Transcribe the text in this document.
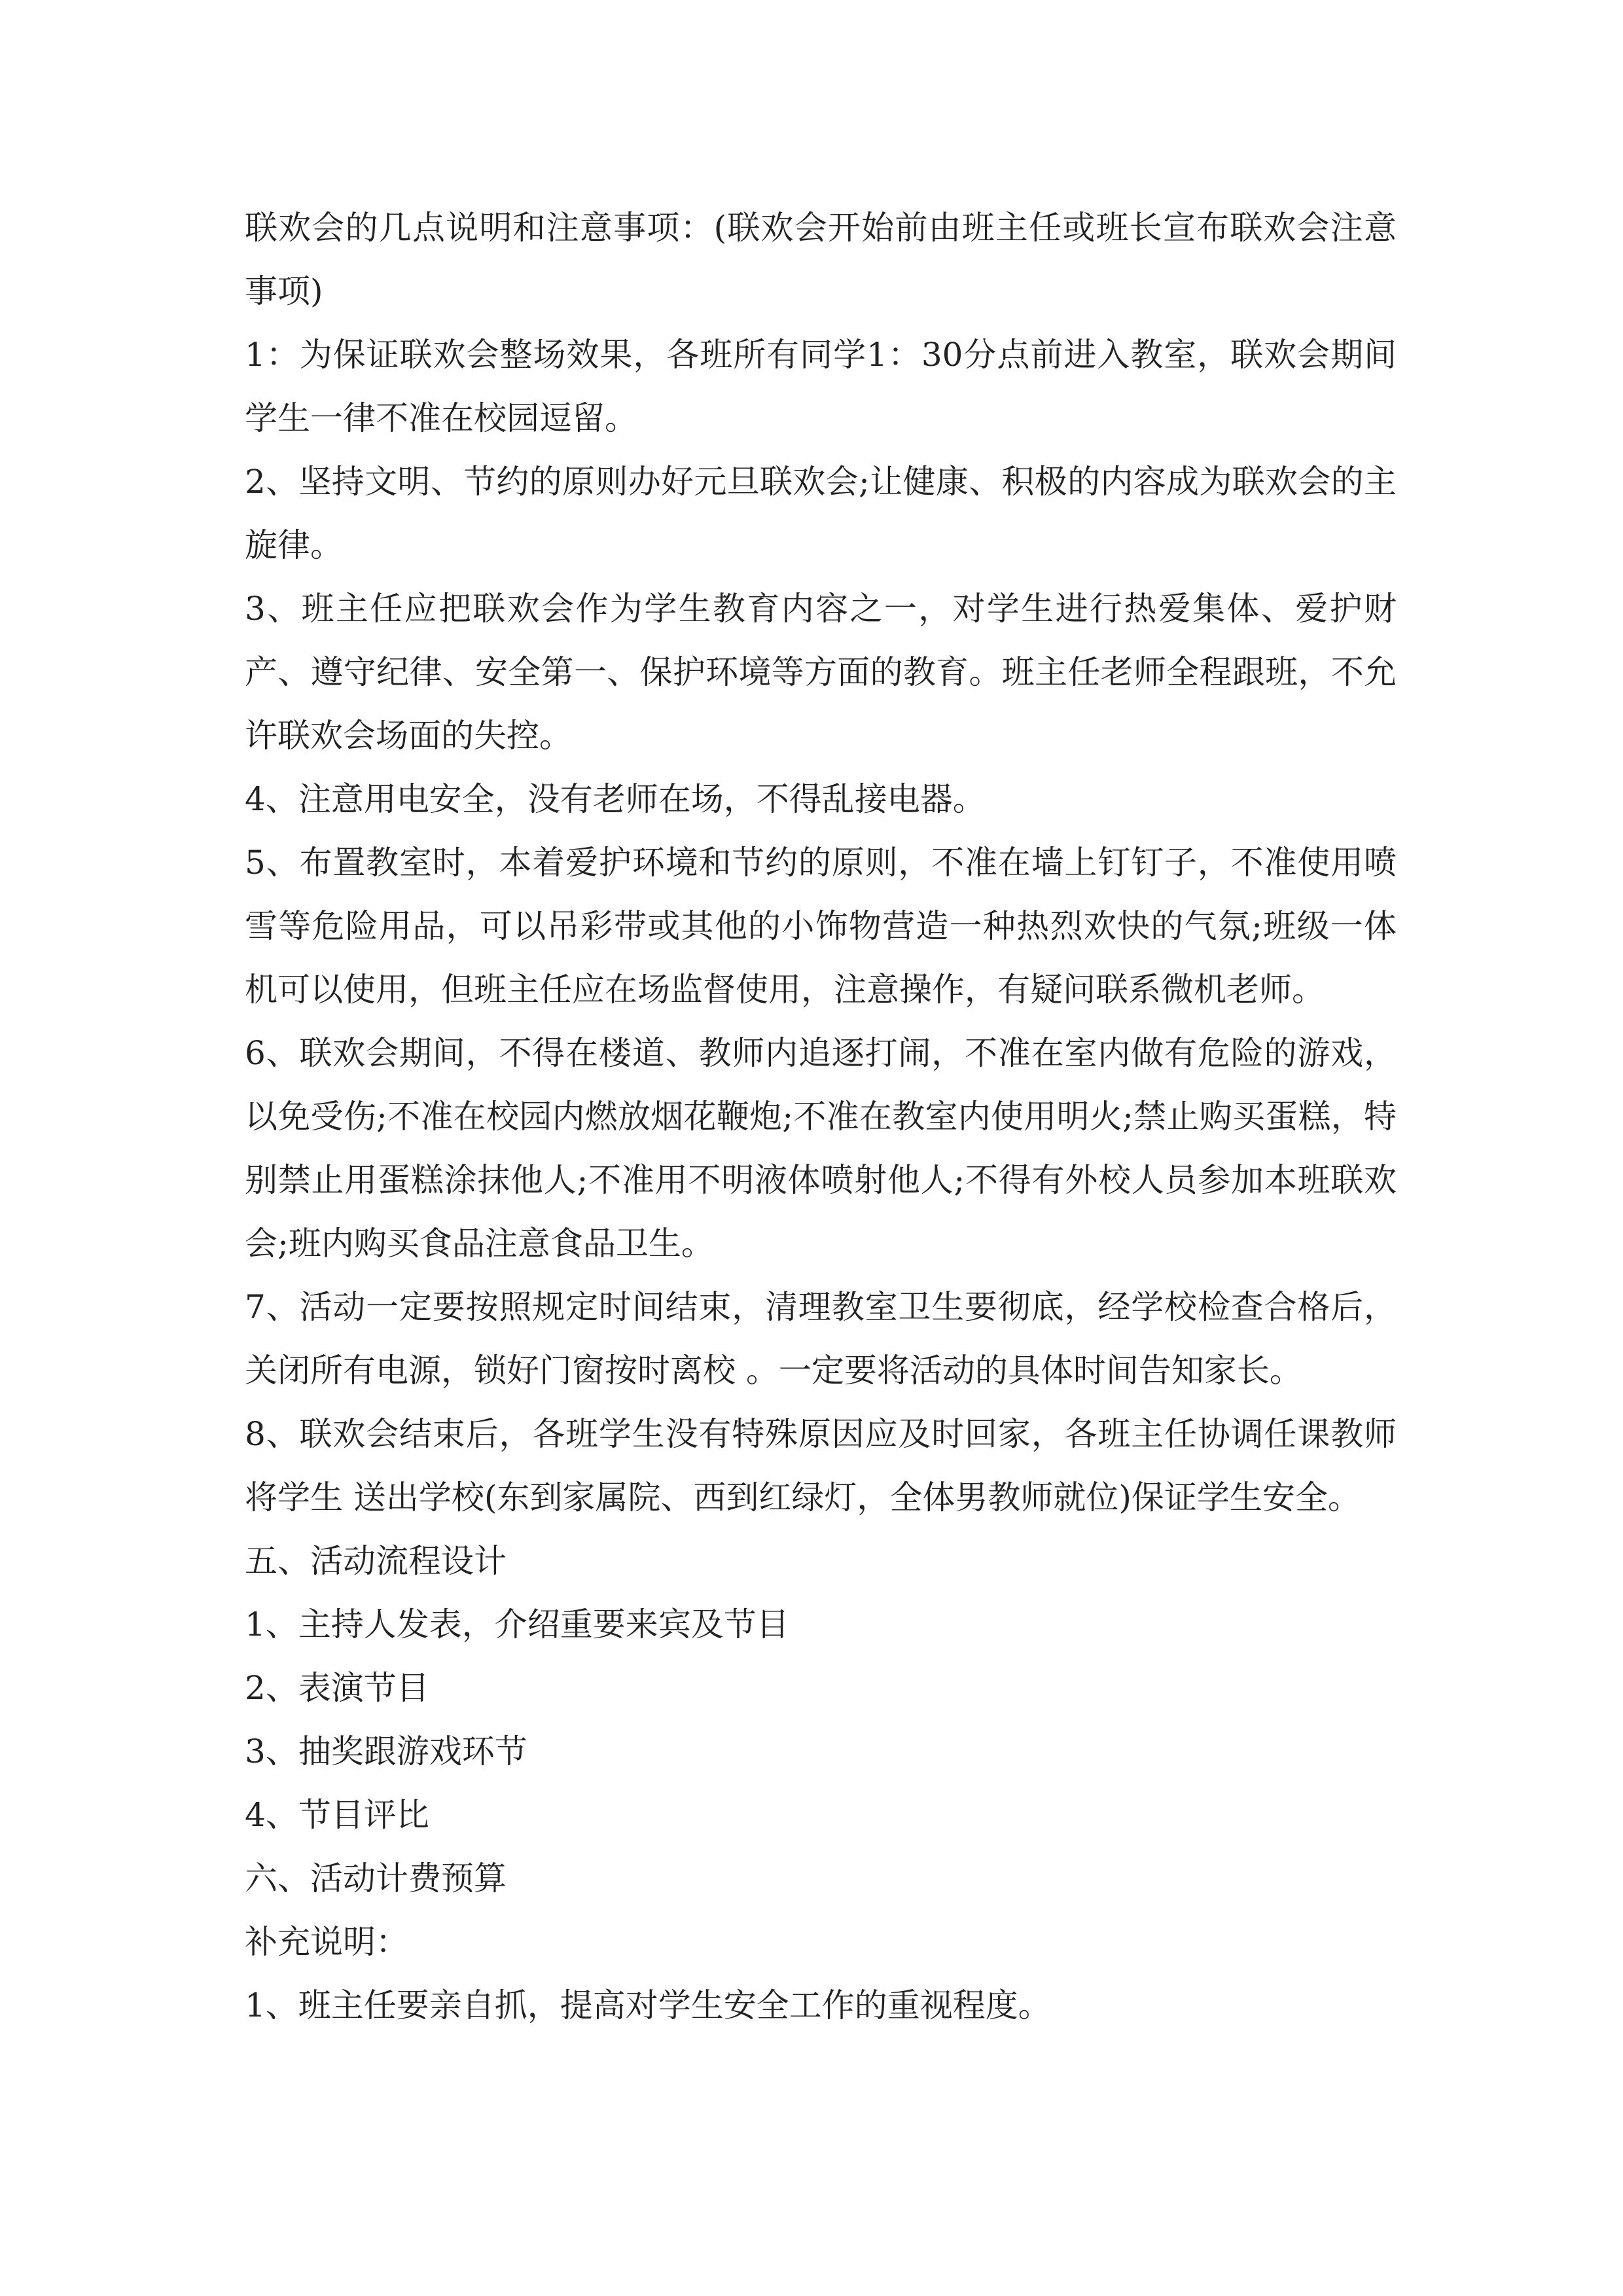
联欢会的几点说明和注意事项：(联欢会开始前由班主任或班长宣布联欢会注意事项)

1：为保证联欢会整场效果，各班所有同学1：30分点前进入教室，联欢会期间学生一律不准在校园逗留。

2、坚持文明、节约的原则办好元旦联欢会;让健康、积极的内容成为联欢会的主旋律。

3、班主任应把联欢会作为学生教育内容之一，对学生进行热爱集体、爱护财产、遵守纪律、安全第一、保护环境等方面的教育。班主任老师全程跟班，不允许联欢会场面的失控。

4、注意用电安全，没有老师在场，不得乱接电器。

5、布置教室时，本着爱护环境和节约的原则，不准在墙上钉钉子，不准使用喷雪等危险用品，可以吊彩带或其他的小饰物营造一种热烈欢快的气氛;班级一体机可以使用，但班主任应在场监督使用，注意操作，有疑问联系微机老师。

6、联欢会期间，不得在楼道、教师内追逐打闹，不准在室内做有危险的游戏，以免受伤;不准在校园内燃放烟花鞭炮;不准在教室内使用明火;禁止购买蛋糕，特别禁止用蛋糕涂抹他人;不准用不明液体喷射他人;不得有外校人员参加本班联欢会;班内购买食品注意食品卫生。

7、活动一定要按照规定时间结束，清理教室卫生要彻底，经学校检查合格后，关闭所有电源，锁好门窗按时离校 。一定要将活动的具体时间告知家长。

8、联欢会结束后，各班学生没有特殊原因应及时回家，各班主任协调任课教师将学生 送出学校(东到家属院、西到红绿灯，全体男教师就位)保证学生安全。

五、活动流程设计

1、主持人发表，介绍重要来宾及节目

2、表演节目

3、抽奖跟游戏环节

4、节目评比

六、活动计费预算

补充说明：

1、班主任要亲自抓，提高对学生安全工作的重视程度。
